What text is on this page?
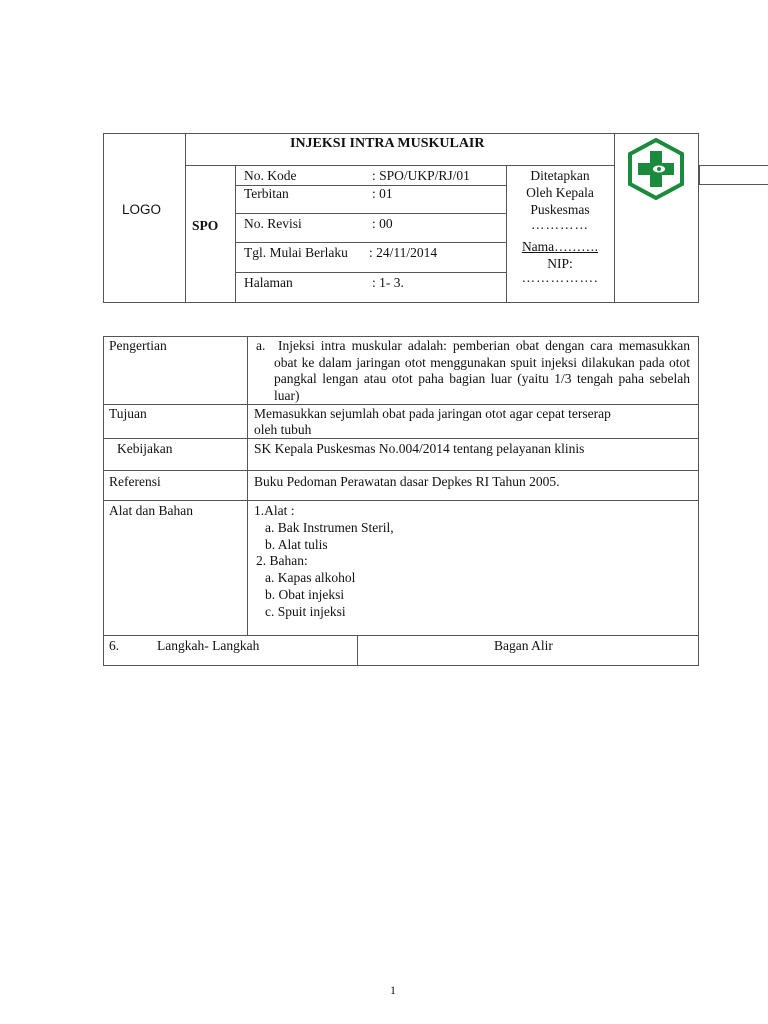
LOGO
INJEKSI INTRA MUSKULAIR
SPO
No. Kode	: SPO/UKP/RJ/01
Terbitan	: 01
No. Revisi	: 00
Tgl. Mulai Berlaku : 24/11/2014
Halaman	: 1- 3.
Ditetapkan
Oleh Kepala
Puskesmas
…………
Nama……….
NIP:
…………….
Pengertian	a. Injeksi intra muskular adalah: pemberian obat dengan cara memasukkan obat ke dalam jaringan otot menggunakan spuit injeksi dilakukan pada otot pangkal lengan atau otot paha bagian luar (yaitu 1/3 tengah paha sebelah luar)
Tujuan	Memasukkan sejumlah obat pada jaringan otot agar cepat terserap
oleh tubuh
Kebijakan	SK Kepala Puskesmas No.004/2014 tentang pelayanan klinis
Referensi	Buku Pedoman Perawatan dasar Depkes RI Tahun 2005.
Alat dan Bahan	1.Alat :
a. Bak Instrumen Steril,
b. Alat tulis
2. Bahan:
a. Kapas alkohol
b. Obat injeksi
c. Spuit injeksi
6.	Langkah- Langkah	Bagan Alir
1
